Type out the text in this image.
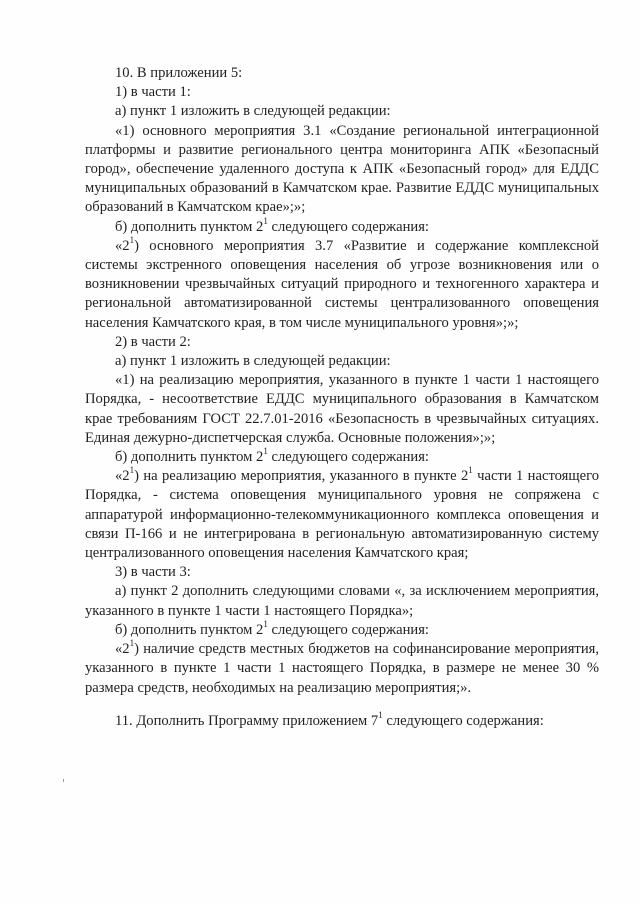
10. В приложении 5:

1) в части 1:

а) пункт 1 изложить в следующей редакции:

«1) основного мероприятия 3.1 «Создание региональной интеграционной платформы и развитие регионального центра мониторинга АПК «Безопасный город», обеспечение удаленного доступа к АПК «Безопасный город» для ЕДДС муниципальных образований в Камчатском крае. Развитие ЕДДС муниципальных образований в Камчатском крае»;»;

б) дополнить пунктом $2^1$ следующего содержания:

«$2^1$) основного мероприятия 3.7 «Развитие и содержание комплексной системы экстренного оповещения населения об угрозе возникновения или о возникновении чрезвычайных ситуаций природного и техногенного характера и региональной автоматизированной системы централизованного оповещения населения Камчатского края, в том числе муниципального уровня»;»;

2) в части 2:

а) пункт 1 изложить в следующей редакции:

«1) на реализацию мероприятия, указанного в пункте 1 части 1 настоящего Порядка, - несоответствие ЕДДС муниципального образования в Камчатском крае требованиям ГОСТ 22.7.01-2016 «Безопасность в чрезвычайных ситуациях. Единая дежурно-диспетчерская служба. Основные положения»;»;

б) дополнить пунктом $2^1$ следующего содержания:

«$2^1$) на реализацию мероприятия, указанного в пункте $2^1$ части 1 настоящего Порядка, - система оповещения муниципального уровня не сопряжена с аппаратурой информационно-телекоммуникационного комплекса оповещения и связи П-166 и не интегрирована в региональную автоматизированную систему централизованного оповещения населения Камчатского края;

3) в части 3:

а) пункт 2 дополнить следующими словами «, за исключением мероприятия, указанного в пункте 1 части 1 настоящего Порядка»;

б) дополнить пунктом $2^1$ следующего содержания:

«$2^1$) наличие средств местных бюджетов на софинансирование мероприятия, указанного в пункте 1 части 1 настоящего Порядка, в размере не менее 30 % размера средств, необходимых на реализацию мероприятия;».

11. Дополнить Программу приложением $7^1$ следующего содержания:
